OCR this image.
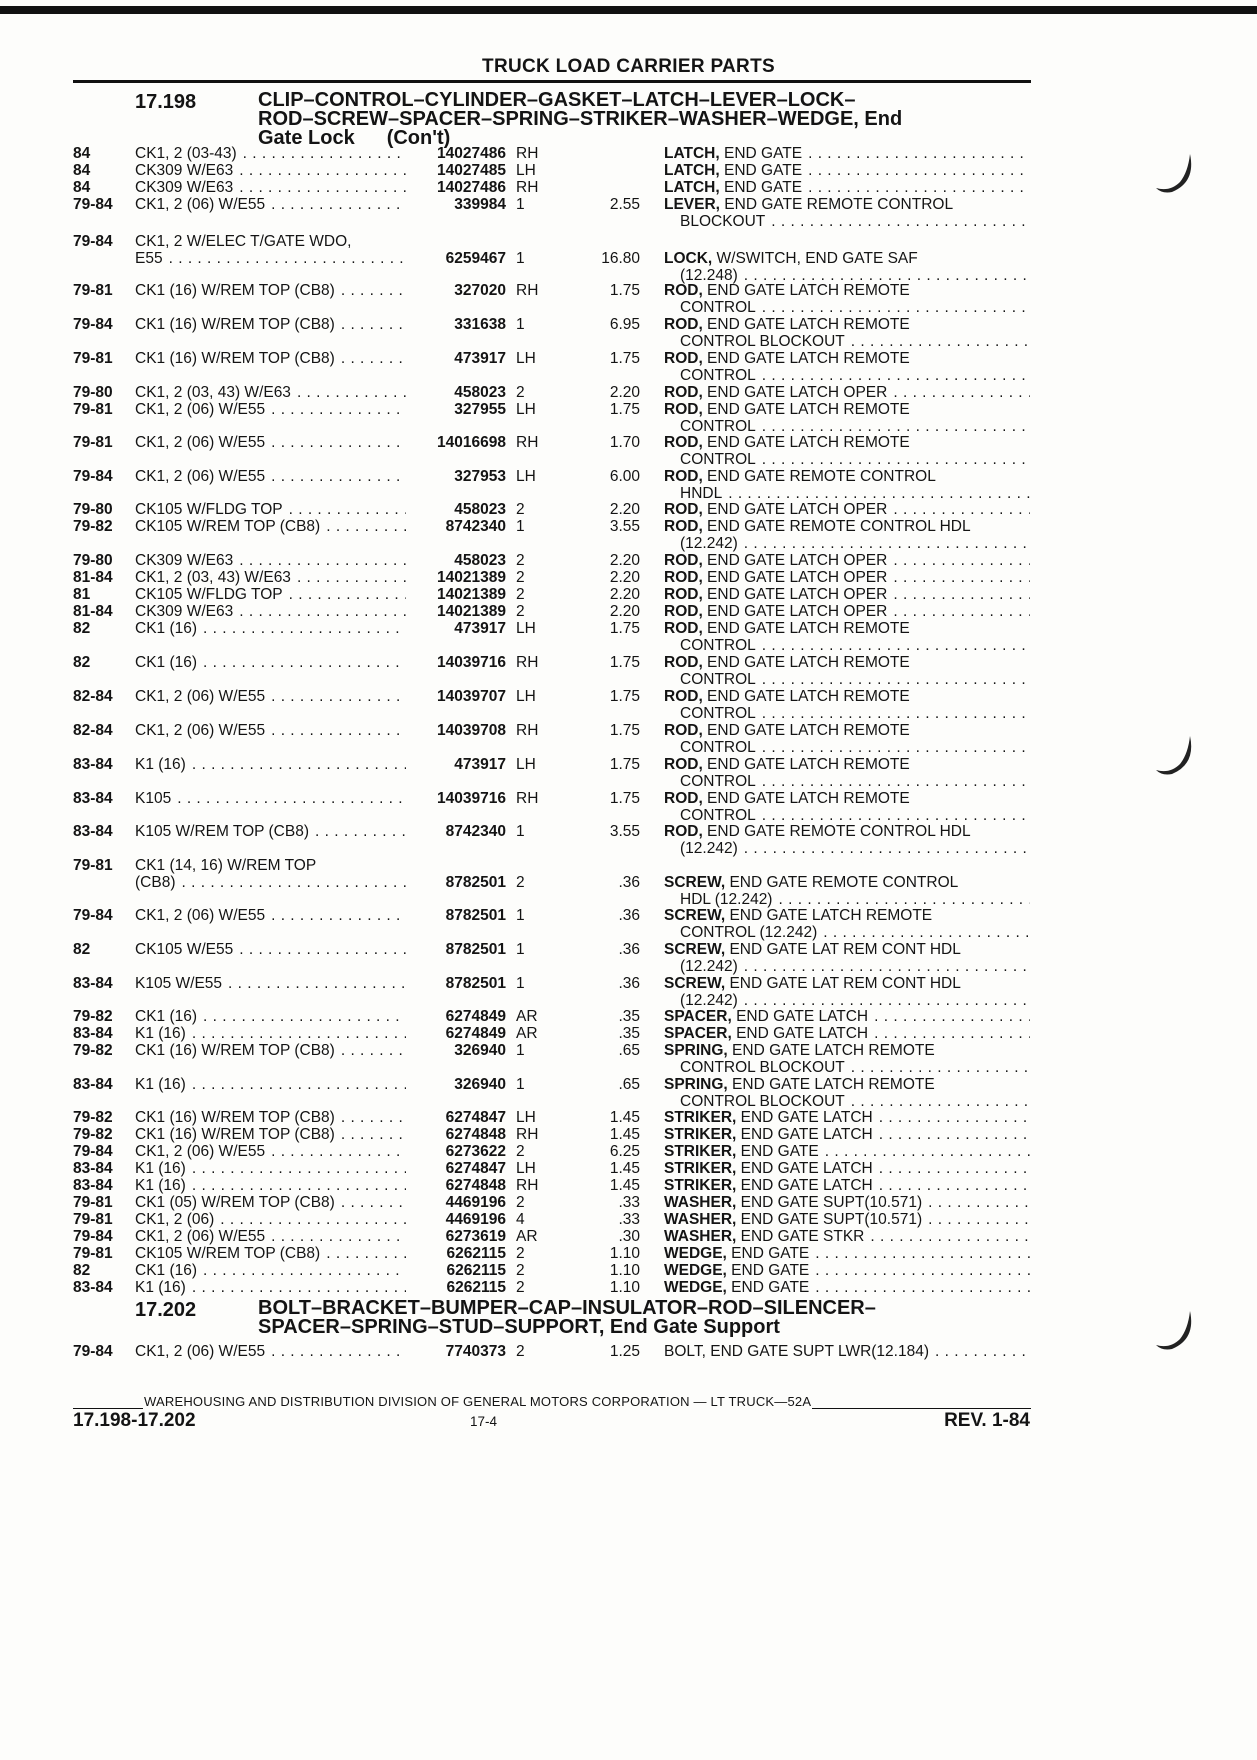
TRUCK LOAD CARRIER PARTS
17.198	CLIP–CONTROL–CYLINDER–GASKET–LATCH–LEVER–LOCK–
ROD–SCREW–SPACER–SPRING–STRIKER–WASHER–WEDGE, End
Gate Lock (Con't)
84	CK1, 2 (03-43) . . .	14027486 RH	LATCH, END GATE
. . .
84	CK309 W/E63 . . .	14027485 LH	LATCH, END GATE
. . .
84	CK309 W/E63 . . .	14027486 RH	LATCH, END GATE
. . .
79-84	CK1, 2 (06) W/E55 . . .	339984 1	2.55 LEVER, END GATE REMOTE CONTROL
BLOCKOUT
. . .
79-84	CK1, 2 W/ELEC T/GATE WDO,
E55 . . .	6259467 1	16.80 LOCK, W/SWITCH, END GATE SAF
(12.248)
. . .
79-81	CK1 (16) W/REM TOP (CB8) . . .	327020 RH	1.75 ROD, END GATE LATCH REMOTE
CONTROL
. . .
79-84	CK1 (16) W/REM TOP (CB8) . . .	331638 1	6.95 ROD, END GATE LATCH REMOTE
CONTROL BLOCKOUT
. . .
79-81	CK1 (16) W/REM TOP (CB8) . . .	473917 LH	1.75 ROD, END GATE LATCH REMOTE
CONTROL
. . .
79-80	CK1, 2 (03, 43) W/E63 . . .	458023 2	2.20 ROD, END GATE LATCH OPER
. . .
79-81	CK1, 2 (06) W/E55 . . .	327955 LH	1.75 ROD, END GATE LATCH REMOTE
CONTROL
. . .
79-81	CK1, 2 (06) W/E55 . . .	14016698 RH	1.70 ROD, END GATE LATCH REMOTE
CONTROL
. . .
79-84	CK1, 2 (06) W/E55 . . .	327953 LH	6.00 ROD, END GATE REMOTE CONTROL
HNDL
. . .
79-80	CK105 W/FLDG TOP . . .	458023 2	2.20 ROD, END GATE LATCH OPER
. . .
79-82	CK105 W/REM TOP (CB8) . . .	8742340 1	3.55 ROD, END GATE REMOTE CONTROL HDL
(12.242)
. . .
79-80	CK309 W/E63 . . .	458023 2	2.20 ROD, END GATE LATCH OPER
. . .
81-84	CK1, 2 (03, 43) W/E63 . . .	14021389 2	2.20 ROD, END GATE LATCH OPER
. . .
81	CK105 W/FLDG TOP . . .	14021389 2	2.20 ROD, END GATE LATCH OPER
. . .
81-84	CK309 W/E63 . . .	14021389 2	2.20 ROD, END GATE LATCH OPER
. . .
82	CK1 (16) . . .	473917 LH	1.75 ROD, END GATE LATCH REMOTE
CONTROL
. . .
82	CK1 (16) . . .	14039716 RH	1.75 ROD, END GATE LATCH REMOTE
CONTROL
. . .
82-84	CK1, 2 (06) W/E55 . . .	14039707 LH	1.75 ROD, END GATE LATCH REMOTE
CONTROL
. . .
82-84	CK1, 2 (06) W/E55 . . .	14039708 RH	1.75 ROD, END GATE LATCH REMOTE
CONTROL
. . .
83-84	K1 (16) . . .	473917 LH	1.75 ROD, END GATE LATCH REMOTE
CONTROL
. . .
83-84	K105 . . .	14039716 RH	1.75 ROD, END GATE LATCH REMOTE
CONTROL
. . .
83-84	K105 W/REM TOP (CB8) . . .	8742340 1	3.55 ROD, END GATE REMOTE CONTROL HDL
(12.242)
. . .
79-81	CK1 (14, 16) W/REM TOP
(CB8) . . .	8782501 2	.36 SCREW, END GATE REMOTE CONTROL
HDL (12.242)
. . .
79-84	CK1, 2 (06) W/E55 . . .	8782501 1	.36 SCREW, END GATE LATCH REMOTE
CONTROL (12.242)
. . .
82	CK105 W/E55 . . .	8782501 1	.36 SCREW, END GATE LAT REM CONT HDL
(12.242)
. . .
83-84	K105 W/E55 . . .	8782501 1	.36 SCREW, END GATE LAT REM CONT HDL
(12.242)
. . .
79-82	CK1 (16) . . .	6274849 AR	.35 SPACER, END GATE LATCH
. . .
83-84	K1 (16) . . .	6274849 AR	.35 SPACER, END GATE LATCH
. . .
79-82	CK1 (16) W/REM TOP (CB8) . . .	326940 1	.65 SPRING, END GATE LATCH REMOTE
CONTROL BLOCKOUT
. . .
83-84	K1 (16) . . .	326940 1	.65 SPRING, END GATE LATCH REMOTE
CONTROL BLOCKOUT
. . .
79-82	CK1 (16) W/REM TOP (CB8) . . .	6274847 LH	1.45 STRIKER, END GATE LATCH
. . .
79-82	CK1 (16) W/REM TOP (CB8) . . .	6274848 RH	1.45 STRIKER, END GATE LATCH
. . .
79-84	CK1, 2 (06) W/E55 . . .	6273622 2	6.25 STRIKER, END GATE
. . .
83-84	K1 (16) . . .	6274847 LH	1.45 STRIKER, END GATE LATCH
. . .
83-84	K1 (16) . . .	6274848 RH	1.45 STRIKER, END GATE LATCH
. . .
79-81	CK1 (05) W/REM TOP (CB8) . . .	4469196 2	.33 WASHER, END GATE SUPT(10.571)
. . .
79-81	CK1, 2 (06) . . .	4469196 4	.33 WASHER, END GATE SUPT(10.571)
. . .
79-84	CK1, 2 (06) W/E55 . . .	6273619 AR	.30 WASHER, END GATE STKR
. . .
79-81	CK105 W/REM TOP (CB8) . . .	6262115 2	1.10 WEDGE, END GATE
. . .
82	CK1 (16) . . .	6262115 2	1.10 WEDGE, END GATE
. . .
83-84	K1 (16) . . .	6262115 2	1.10 WEDGE, END GATE
. . .
17.202	BOLT–BRACKET–BUMPER–CAP–INSULATOR–ROD–SILENCER–
SPACER–SPRING–STUD–SUPPORT, End Gate Support
79-84	CK1, 2 (06) W/E55 . . .	7740373 2	1.25 BOLT, END GATE SUPT LWR(12.184)
. . .
WAREHOUSING AND DISTRIBUTION DIVISION OF GENERAL MOTORS CORPORATION — LT TRUCK—52A
17.198-17.202	17-4	REV. 1-84
